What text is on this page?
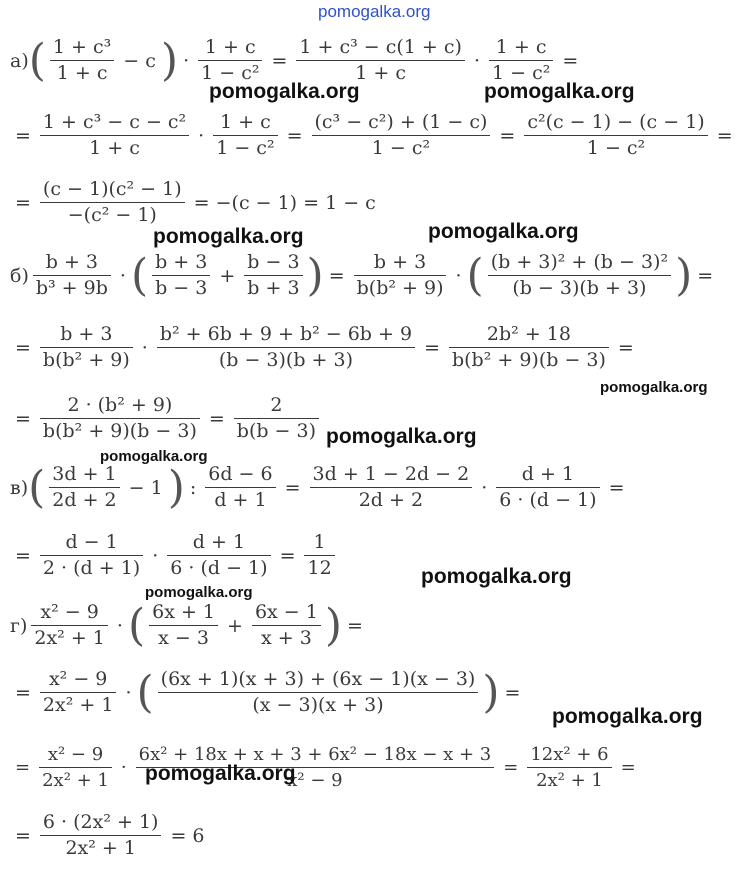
pomogalka.org
а) ( $\frac{\text{1 + c³}}{1 + c} - c$ ) · $\frac{1 + c}{\text{1 − c²}} = \frac{\text{1 + c³ − c(1 + c)}}{1 + c} \cdot \frac{1 + c}{\text{1 − c²}}$ =
= $\frac{\text{1 + c³ − c − c²}}{1 + c} \cdot \frac{1 + c}{\text{1 − c²}} = \frac{\text{(c³ − c²) + (1 − c)}}{\text{1 − c²}} = \frac{\text{c²(c − 1) − (c − 1)}}{\text{1 − c²}}$ =
= $\frac{\text{(c − 1)(c² − 1)}}{\text{−(c² − 1)}} = -(c - 1) = 1 - c$
$б) \frac{b + 3}{\text{b³ + 9b}}$ · ( $\frac{b + 3}{b - 3} + \frac{b - 3}{b + 3}$ ) = $\frac{b + 3}{\text{b(b² + 9)}}$ · ( $\frac{\text{(b + 3)² + (b − 3)²}}{(b - 3)(b + 3)}$ ) =
= $\frac{b + 3}{\text{b(b² + 9)}} \cdot \frac{\text{b² + 6b + 9 + b² − 6b + 9}}{(b - 3)(b + 3)} = \frac{\text{2b² + 18}}{\text{b(b² + 9)(b − 3)}}$ =
= $\frac{\text{2 · (b² + 9)}}{\text{b(b² + 9)(b − 3)}} = \frac{2}{b(b - 3)}$
в) ( $\frac{3d + 1}{2d + 2} - 1$ ) : $\frac{6d - 6}{d + 1} = \frac{3d + 1 - 2d - 2}{2d + 2} \cdot \frac{d + 1}{6 \cdot (d - 1)}$ =
= $\frac{d - 1}{2 \cdot (d + 1)} \cdot \frac{d + 1}{6 \cdot (d - 1)} = \frac{1}{12}$
$г) \frac{\text{x² − 9}}{\text{2x² + 1}}$ · ( $\frac{6x + 1}{x - 3} + \frac{6x - 1}{x + 3}$ ) =
= $\frac{\text{x² − 9}}{\text{2x² + 1}}$ · ( $\frac{(6x + 1)(x + 3) + (6x - 1)(x - 3)}{(x - 3)(x + 3)}$ ) =
= $\frac{\text{x² − 9}}{\text{2x² + 1}} \cdot \frac{\text{6x² + 18x + x + 3 + 6x² − 18x − x + 3}}{\text{x² − 9}} = \frac{\text{12x² + 6}}{\text{2x² + 1}}$ =
= $\frac{\text{6 · (2x² + 1)}}{\text{2x² + 1}} = 6$
pomogalka.org	pomogalka.org
pomogalka.org	pomogalka.org
pomogalka.org
pomogalka.org
pomogalka.org
pomogalka.org
pomogalka.org
pomogalka.org
pomogalka.org
